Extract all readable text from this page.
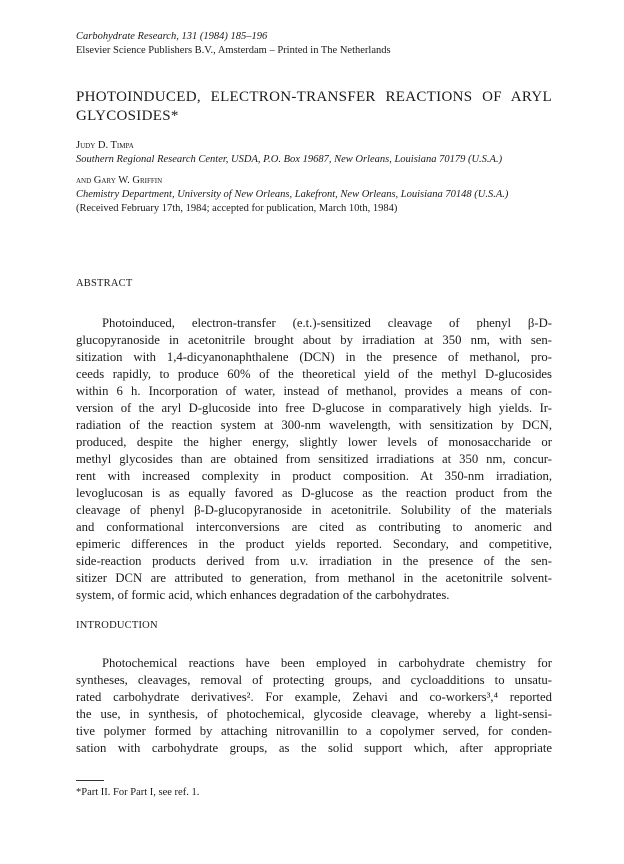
Carbohydrate Research, 131 (1984) 185–196
Elsevier Science Publishers B.V., Amsterdam – Printed in The Netherlands
PHOTOINDUCED, ELECTRON-TRANSFER REACTIONS OF ARYL GLYCOSIDES*
Judy D. Timpa
Southern Regional Research Center, USDA, P.O. Box 19687, New Orleans, Louisiana 70179 (U.S.A.)
and Gary W. Griffin
Chemistry Department, University of New Orleans, Lakefront, New Orleans, Louisiana 70148 (U.S.A.)
(Received February 17th, 1984; accepted for publication, March 10th, 1984)
ABSTRACT
Photoinduced, electron-transfer (e.t.)-sensitized cleavage of phenyl β-D-
glucopyranoside in acetonitrile brought about by irradiation at 350 nm, with sen-
sitization with 1,4-dicyanonaphthalene (DCN) in the presence of methanol, pro-
ceeds rapidly, to produce 60% of the theoretical yield of the methyl D-glucosides
within 6 h. Incorporation of water, instead of methanol, provides a means of con-
version of the aryl D-glucoside into free D-glucose in comparatively high yields. Ir-
radiation of the reaction system at 300-nm wavelength, with sensitization by DCN,
produced, despite the higher energy, slightly lower levels of monosaccharide or
methyl glycosides than are obtained from sensitized irradiations at 350 nm, concur-
rent with increased complexity in product composition. At 350-nm irradiation,
levoglucosan is as equally favored as D-glucose as the reaction product from the
cleavage of phenyl β-D-glucopyranoside in acetonitrile. Solubility of the materials
and conformational interconversions are cited as contributing to anomeric and
epimeric differences in the product yields reported. Secondary, and competitive,
side-reaction products derived from u.v. irradiation in the presence of the sen-
sitizer DCN are attributed to generation, from methanol in the acetonitrile solvent-
system, of formic acid, which enhances degradation of the carbohydrates.
INTRODUCTION
Photochemical reactions have been employed in carbohydrate chemistry for
syntheses, cleavages, removal of protecting groups, and cycloadditions to unsatu-
rated carbohydrate derivatives². For example, Zehavi and co-workers³,⁴ reported
the use, in synthesis, of photochemical, glycoside cleavage, whereby a light-sensi-
tive polymer formed by attaching nitrovanillin to a copolymer served, for conden-
sation with carbohydrate groups, as the solid support which, after appropriate
*Part II. For Part I, see ref. 1.
